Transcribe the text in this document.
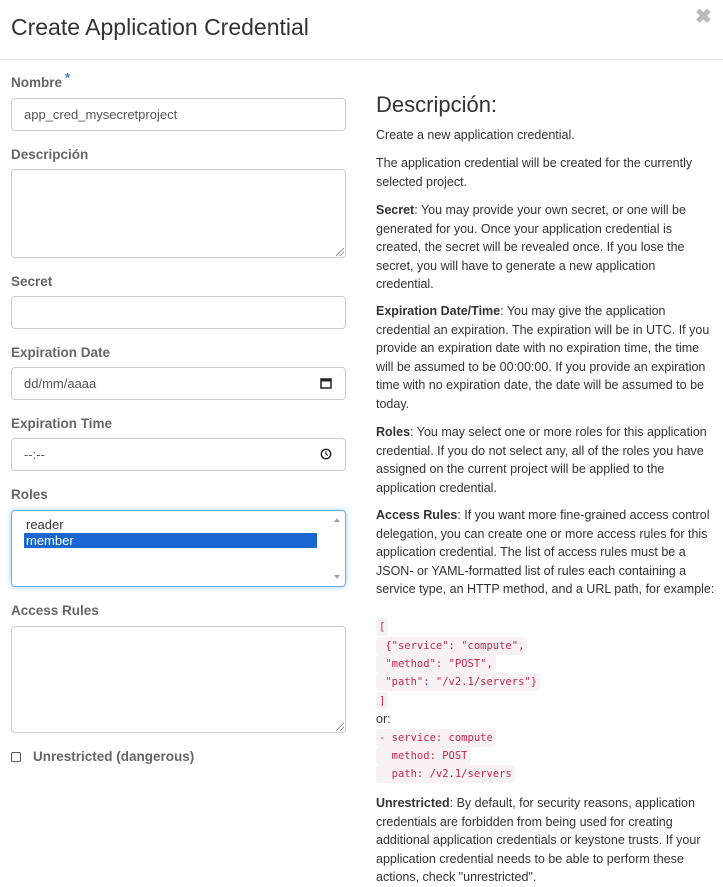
Create Application Credential	✖
Nombre *
app_cred_mysecretproject
Descripción
Secret
Expiration Date
dd/mm/aaaa
Expiration Time
--:--
Roles
reader
member
Access Rules
Unrestricted (dangerous)
Descripción:

Create a new application credential.

The application credential will be created for the currently selected project.

Secret: You may provide your own secret, or one will be generated for you. Once your application credential is created, the secret will be revealed once. If you lose the secret, you will have to generate a new application credential.

Expiration Date/Time: You may give the application credential an expiration. The expiration will be in UTC. If you provide an expiration date with no expiration time, the time will be assumed to be 00:00:00. If you provide an expiration time with no expiration date, the date will be assumed to be today.

Roles: You may select one or more roles for this application credential. If you do not select any, all of the roles you have assigned on the current project will be applied to the application credential.

Access Rules: If you want more fine-grained access control delegation, you can create one or more access rules for this application credential. The list of access rules must be a JSON- or YAML-formatted list of rules each containing a service type, an HTTP method, and a URL path, for example:

[
{"service": "compute",
"method": "POST",
"path": "/v2.1/servers"}
]
or:
- service: compute
method: POST
path: /v2.1/servers

Unrestricted: By default, for security reasons, application credentials are forbidden from being used for creating additional application credentials or keystone trusts. If your application credential needs to be able to perform these actions, check "unrestricted".
